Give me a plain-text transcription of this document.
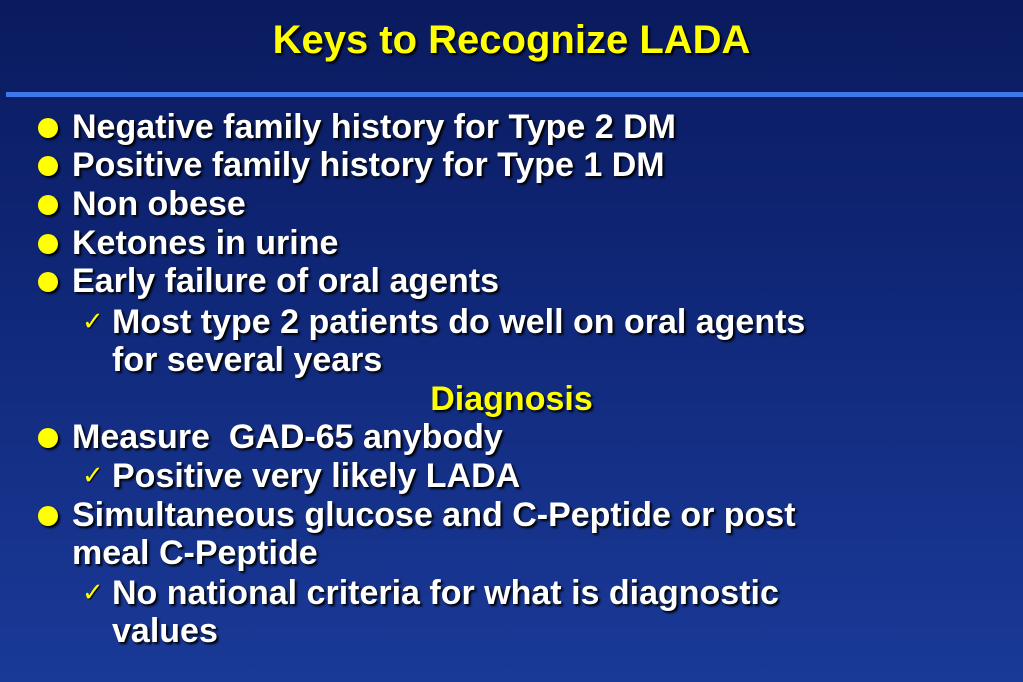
Keys to Recognize LADA
Negative family history for Type 2 DM
Positive family history for Type 1 DM
Non obese
Ketones in urine
Early failure of oral agents
✓ Most type 2 patients do well on oral agents
for several years
Diagnosis
Measure  GAD-65 anybody
✓ Positive very likely LADA
Simultaneous glucose and C-Peptide or post
meal C-Peptide
✓ No national criteria for what is diagnostic
values
